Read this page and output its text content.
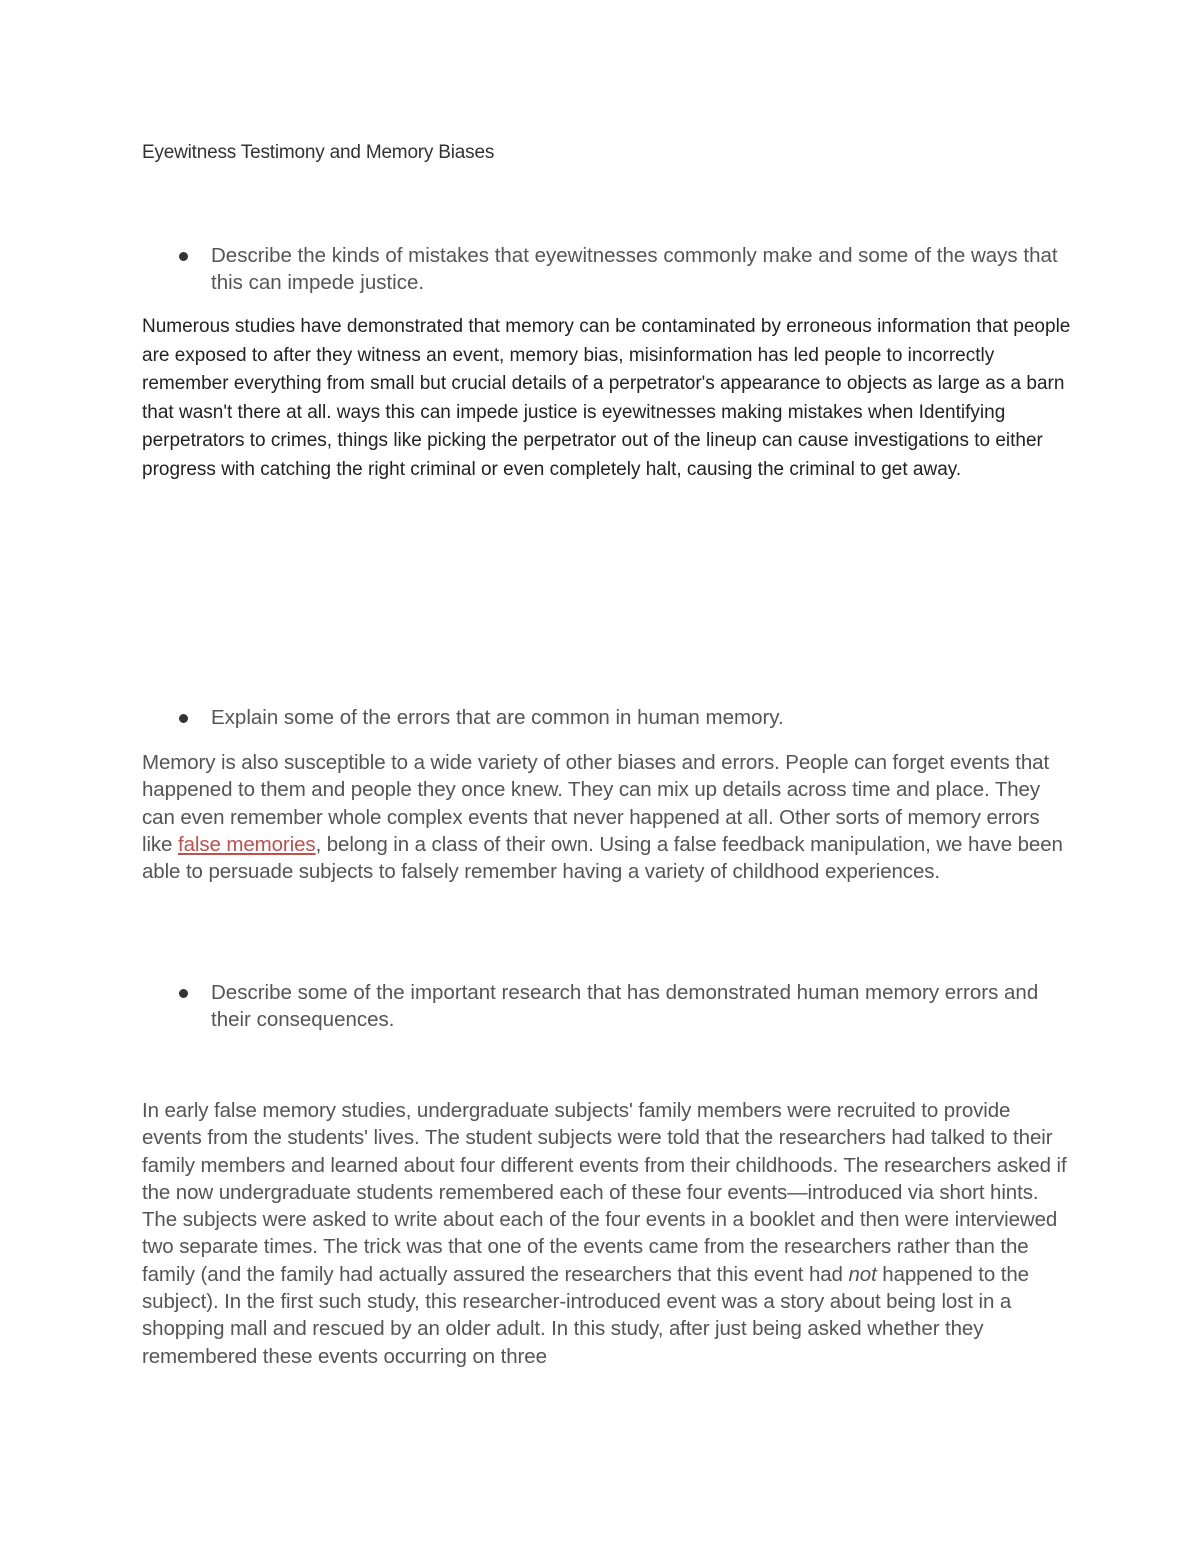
Eyewitness Testimony and Memory Biases
Describe the kinds of mistakes that eyewitnesses commonly make and some of the ways that this can impede justice.
Numerous studies have demonstrated that memory can be contaminated by erroneous information that people are exposed to after they witness an event, memory bias, misinformation has led people to incorrectly remember everything from small but crucial details of a perpetrator's appearance to objects as large as a barn that wasn't there at all. ways this can impede justice is eyewitnesses making mistakes when Identifying perpetrators to crimes, things like picking the perpetrator out of the lineup can cause investigations to either progress with catching the right criminal or even completely halt, causing the criminal to get away.
Explain some of the errors that are common in human memory.
Memory is also susceptible to a wide variety of other biases and errors. People can forget events that happened to them and people they once knew. They can mix up details across time and place. They can even remember whole complex events that never happened at all. Other sorts of memory errors like false memories, belong in a class of their own. Using a false feedback manipulation, we have been able to persuade subjects to falsely remember having a variety of childhood experiences.
Describe some of the important research that has demonstrated human memory errors and their consequences.
In early false memory studies, undergraduate subjects' family members were recruited to provide events from the students' lives. The student subjects were told that the researchers had talked to their family members and learned about four different events from their childhoods. The researchers asked if the now undergraduate students remembered each of these four events—introduced via short hints. The subjects were asked to write about each of the four events in a booklet and then were interviewed two separate times. The trick was that one of the events came from the researchers rather than the family (and the family had actually assured the researchers that this event had not happened to the subject). In the first such study, this researcher-introduced event was a story about being lost in a shopping mall and rescued by an older adult. In this study, after just being asked whether they remembered these events occurring on three
